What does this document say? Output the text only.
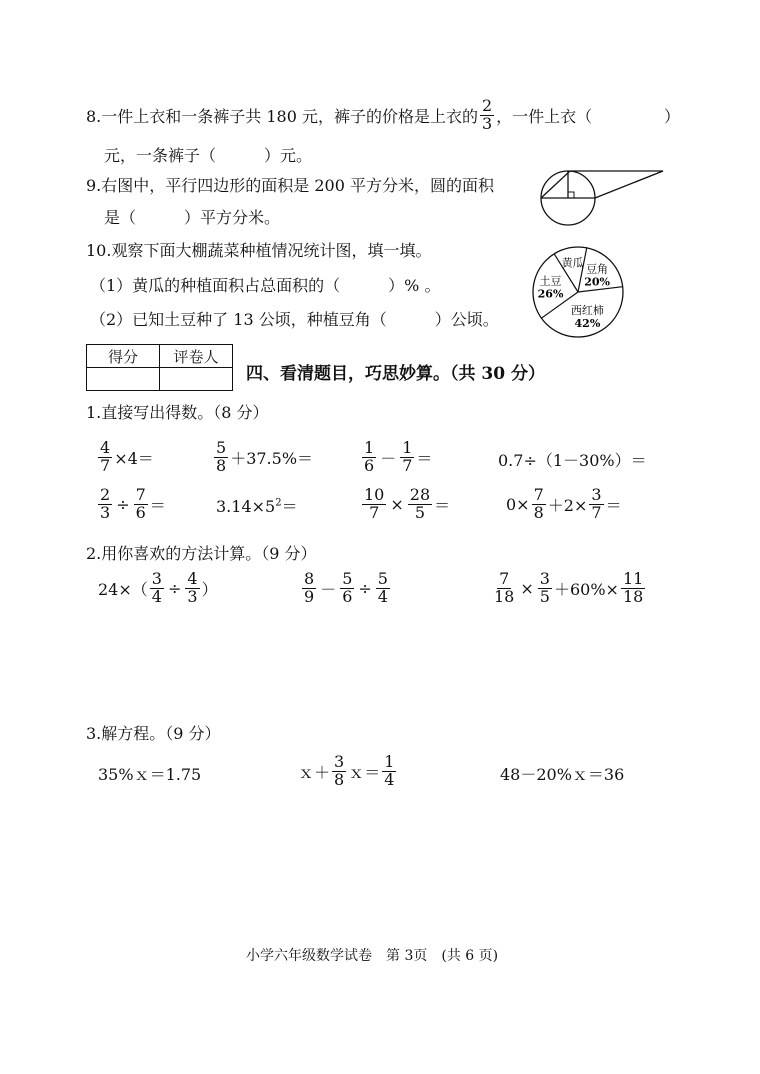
8.一件上衣和一条裤子共 180 元，裤子的价格是上衣的 $\frac{2}{3}$ ，一件上衣（	）
元，一条裤子（　　　）元。
9.右图中，平行四边形的面积是 200 平方分米，圆的面积
是（　　　）平方分米。
10.观察下面大棚蔬菜种植情况统计图，填一填。
（1）黄瓜的种植面积占总面积的（　　　）% 。
（2）已知土豆种了 13 公顷，种植豆角（　　　）公顷。
黄瓜 豆角
20%
西红柿
42%
土豆
26%
得分	评卷人

四、看清题目，巧思妙算。（共 30 分）
1.直接写出得数。（8 分）
$\frac{4}{7} \times 4=$	$\frac{5}{8} +37.5\%=$	$\frac{1}{6} - \frac{1}{7}$ ＝	0.7÷（1－30%）＝
$\frac{2}{3} \div \frac{7}{6}$ ＝	$3.14\times 5^2=$	$\frac{10}{7} \times \frac{28}{5}$ ＝	$0\times \frac{7}{8} +2\times \frac{3}{7}$ ＝
2.用你喜欢的方法计算。（9 分）
$24\times( \frac{3}{4} \div \frac{4}{3}$ ）	$\frac{8}{9} - \frac{5}{6} \div \frac{5}{4}$	$\frac{7}{18} \times \frac{3}{5} +60\%\times \frac{11}{18}$
3.解方程。（9 分）
35%ｘ＝1.75	ｘ＋ $\frac{3}{8}$ ｘ＝ $\frac{1}{4}$	48－20%ｘ＝36
小学六年级数学试卷　第 3页　(共 6 页)
